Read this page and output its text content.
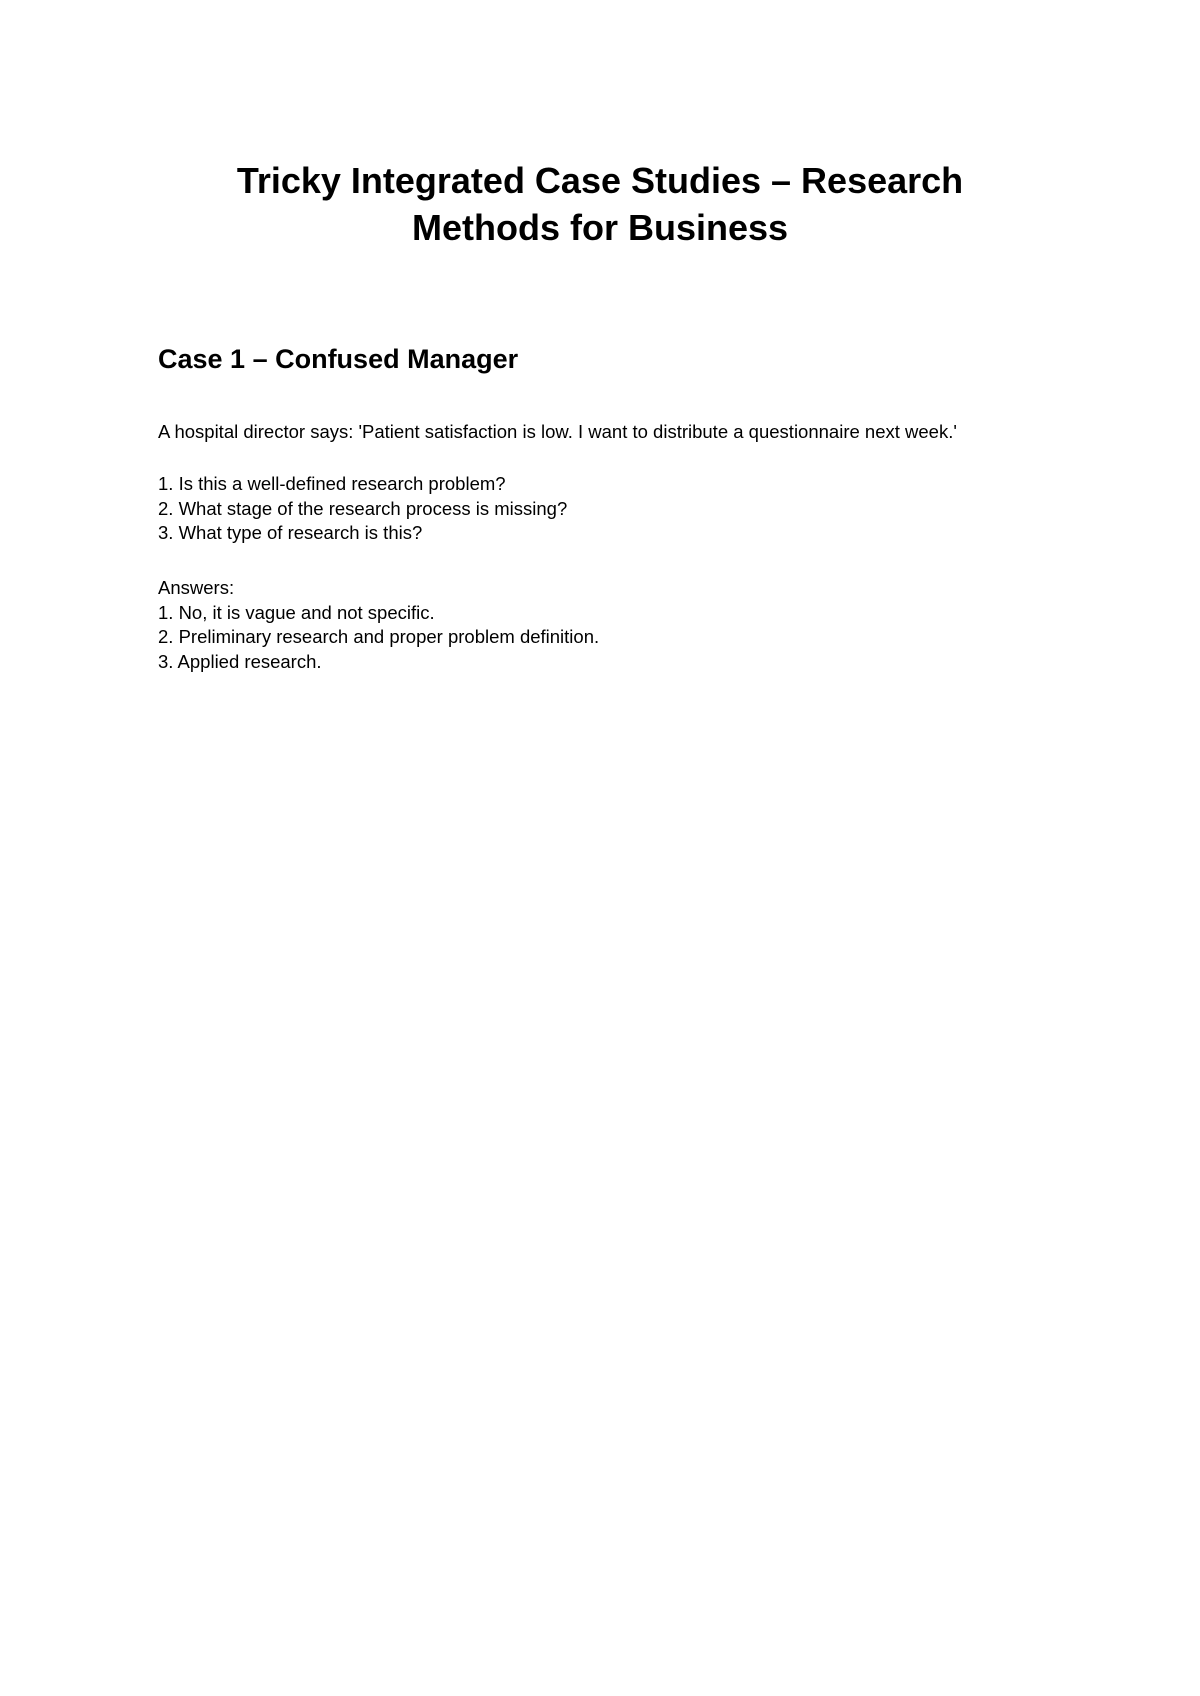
Tricky Integrated Case Studies – Research
Methods for Business
Case 1 – Confused Manager

A hospital director says: 'Patient satisfaction is low. I want to distribute a questionnaire next week.'

1. Is this a well-defined research problem?
2. What stage of the research process is missing?
3. What type of research is this?
Answers:
1. No, it is vague and not specific.
2. Preliminary research and proper problem definition.
3. Applied research.
